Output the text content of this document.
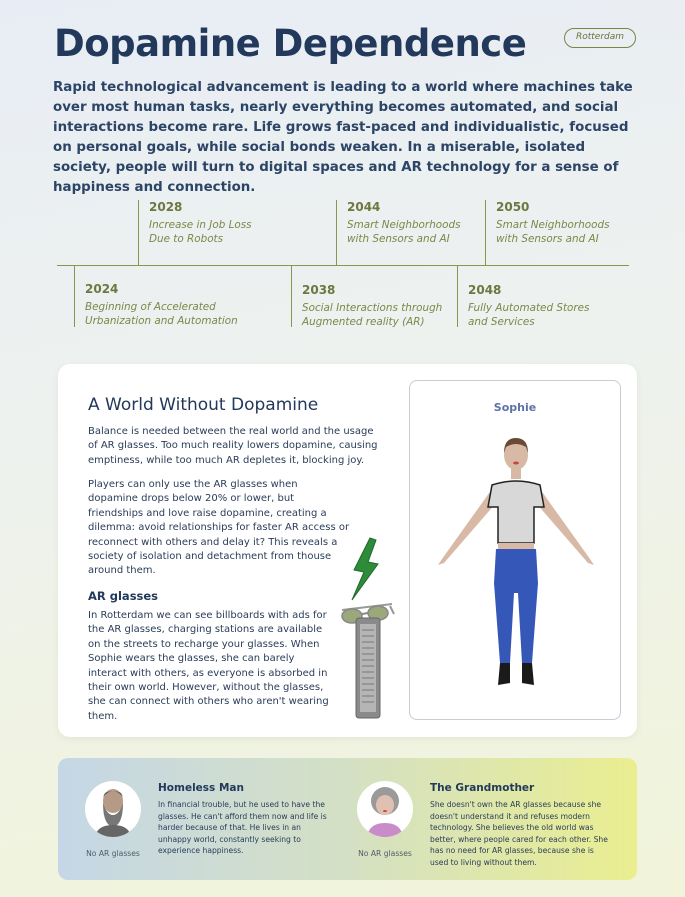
Dopamine Dependence	Rotterdam

Rapid technological advancement is leading to a world where machines take over most human tasks, nearly everything becomes automated, and social interactions become rare. Life grows fast-paced and individualistic, focused on personal goals, while social bonds weaken. In a miserable, isolated society, people will turn to digital spaces and AR technology for a sense of happiness and connection.

2028
Increase in Job Loss
Due to Robots
2044
Smart Neighborhoods
with Sensors and AI
2050
Smart Neighborhoods
with Sensors and AI
2024
Beginning of Accelerated
Urbanization and Automation
2038
Social Interactions through
Augmented reality (AR)
2048
Fully Automated Stores
and Services
A World Without Dopamine

Balance is needed between the real world and the usage of AR glasses. Too much reality lowers dopamine, causing emptiness, while too much AR depletes it, blocking joy.

Players can only use the AR glasses when dopamine drops below 20% or lower, but friendships and love raise dopamine, creating a dilemma: avoid relationships for faster AR access or reconnect with others and delay it? This reveals a society of isolation and detachment from thouse around them.

AR glasses

In Rotterdam we can see billboards with ads for the AR glasses, charging stations are available on the streets to recharge your glasses. When Sophie wears the glasses, she can barely interact with others, as everyone is absorbed in their own world. However, without the glasses, she can connect with others who aren't wearing them.

Sophie
No AR glasses
Homeless Man
In financial trouble, but he used to have the glasses. He can't afford them now and life is harder because of that. He lives in an unhappy world, constantly seeking to experience happiness.	No AR glasses
The Grandmother
She doesn't own the AR glasses because she doesn't understand it and refuses modern technology. She believes the old world was better, where people cared for each other. She has no need for AR glasses, because she is used to living without them.
